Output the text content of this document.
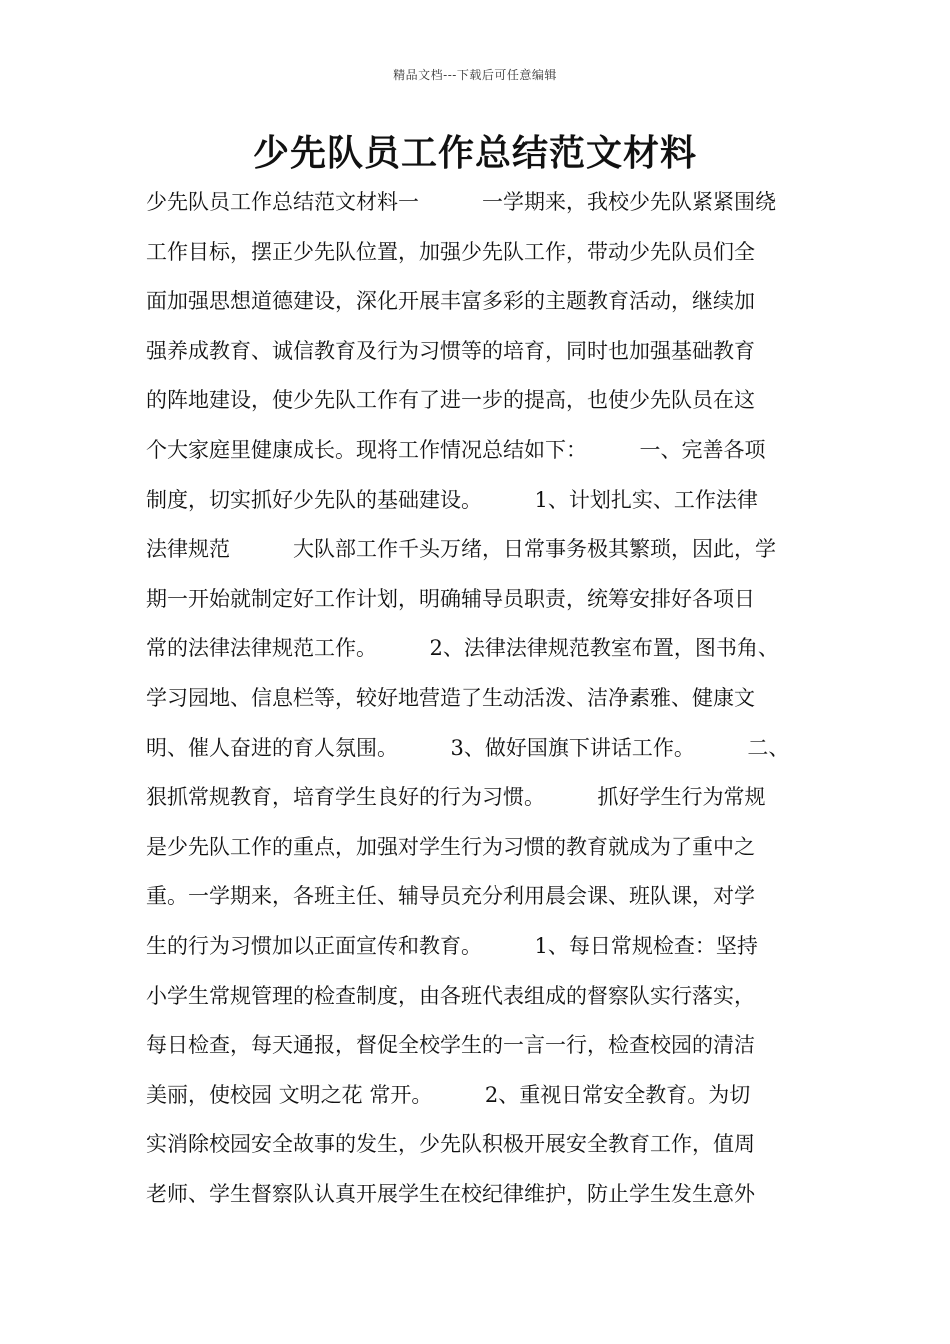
精品文档---下载后可任意编辑
少先队员工作总结范文材料
少先队员工作总结范文材料一　　　一学期来，我校少先队紧紧围绕
工作目标，摆正少先队位置，加强少先队工作，带动少先队员们全
面加强思想道德建设，深化开展丰富多彩的主题教育活动，继续加
强养成教育、诚信教育及行为习惯等的培育，同时也加强基础教育
的阵地建设，使少先队工作有了进一步的提高，也使少先队员在这
个大家庭里健康成长。现将工作情况总结如下：　　　一、完善各项
制度，切实抓好少先队的基础建设。　　　1、计划扎实、工作法律
法律规范　　　大队部工作千头万绪，日常事务极其繁琐，因此，学
期一开始就制定好工作计划，明确辅导员职责，统筹安排好各项日
常的法律法律规范工作。　　　2、法律法律规范教室布置，图书角、
学习园地、信息栏等，较好地营造了生动活泼、洁净素雅、健康文
明、催人奋进的育人氛围。　　　3、做好国旗下讲话工作。　　　二、
狠抓常规教育，培育学生良好的行为习惯。　　　抓好学生行为常规
是少先队工作的重点，加强对学生行为习惯的教育就成为了重中之
重。一学期来，各班主任、辅导员充分利用晨会课、班队课，对学
生的行为习惯加以正面宣传和教育。　　　1、每日常规检查：坚持
小学生常规管理的检查制度，由各班代表组成的督察队实行落实，
每日检查，每天通报，督促全校学生的一言一行，检查校园的清洁
美丽，使校园 文明之花 常开。　　　2、重视日常安全教育。为切
实消除校园安全故事的发生，少先队积极开展安全教育工作，值周
老师、学生督察队认真开展学生在校纪律维护，防止学生发生意外
